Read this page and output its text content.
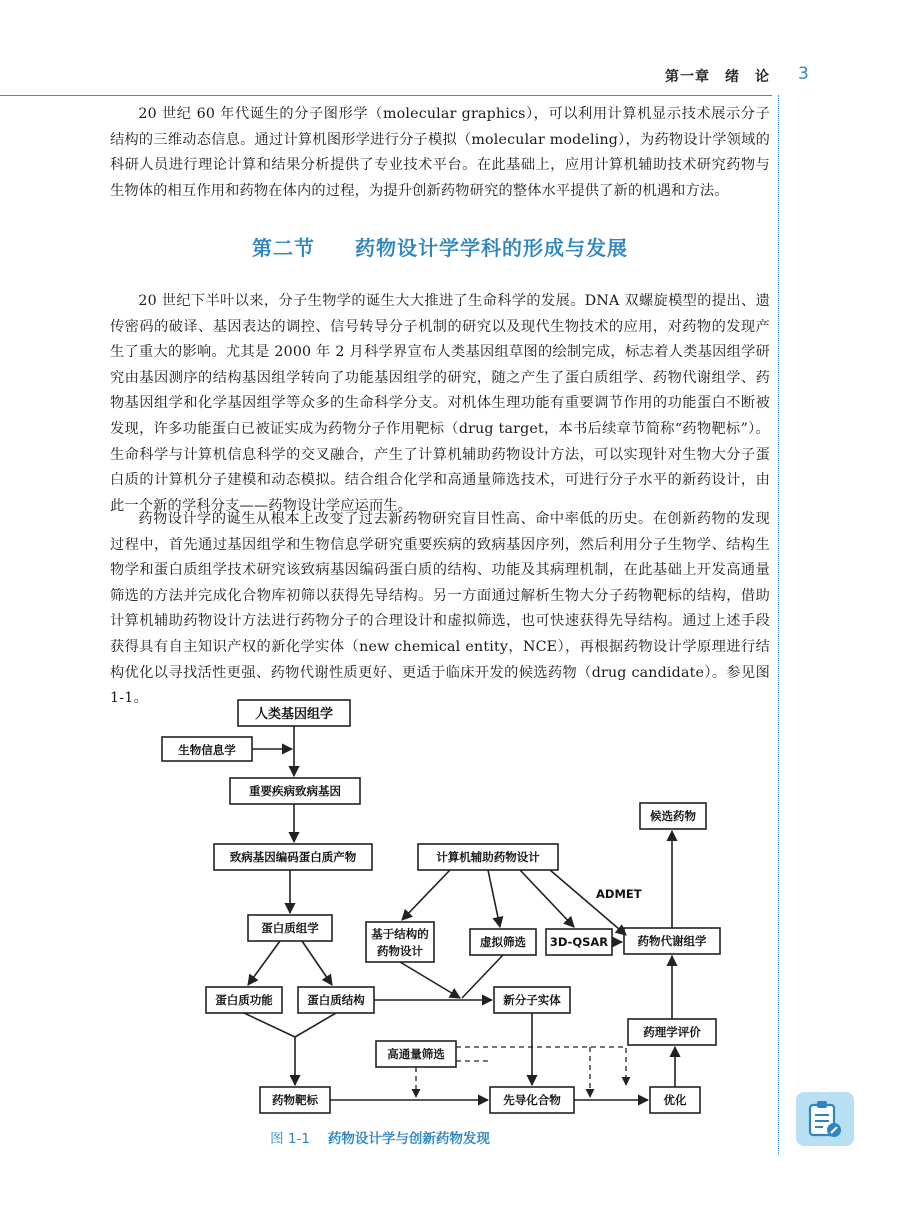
第一章　绪　论 3

20 世纪 60 年代诞生的分子图形学（molecular graphics），可以利用计算机显示技术展示分子结构的三维动态信息。通过计算机图形学进行分子模拟（molecular modeling），为药物设计学领域的科研人员进行理论计算和结果分析提供了专业技术平台。在此基础上，应用计算机辅助技术研究药物与生物体的相互作用和药物在体内的过程，为提升创新药物研究的整体水平提供了新的机遇和方法。

第二节 药物设计学学科的形成与发展

20 世纪下半叶以来，分子生物学的诞生大大推进了生命科学的发展。DNA 双螺旋模型的提出、遗传密码的破译、基因表达的调控、信号转导分子机制的研究以及现代生物技术的应用，对药物的发现产生了重大的影响。尤其是 2000 年 2 月科学界宣布人类基因组草图的绘制完成，标志着人类基因组学研究由基因测序的结构基因组学转向了功能基因组学的研究，随之产生了蛋白质组学、药物代谢组学、药物基因组学和化学基因组学等众多的生命科学分支。对机体生理功能有重要调节作用的功能蛋白不断被发现，许多功能蛋白已被证实成为药物分子作用靶标（drug target，本书后续章节简称“药物靶标”）。生命科学与计算机信息科学的交叉融合，产生了计算机辅助药物设计方法，可以实现针对生物大分子蛋白质的计算机分子建模和动态模拟。结合组合化学和高通量筛选技术，可进行分子水平的新药设计，由此一个新的学科分支——药物设计学应运而生。

药物设计学的诞生从根本上改变了过去新药物研究盲目性高、命中率低的历史。在创新药物的发现过程中，首先通过基因组学和生物信息学研究重要疾病的致病基因序列，然后利用分子生物学、结构生物学和蛋白质组学技术研究该致病基因编码蛋白质的结构、功能及其病理机制，在此基础上开发高通量筛选的方法并完成化合物库初筛以获得先导结构。另一方面通过解析生物大分子药物靶标的结构，借助计算机辅助药物设计方法进行药物分子的合理设计和虚拟筛选，也可快速获得先导结构。通过上述手段获得具有自主知识产权的新化学实体（new chemical entity，NCE），再根据药物设计学原理进行结构优化以寻找活性更强、药物代谢性质更好、更适于临床开发的候选药物（drug candidate）。参见图 1-1。

人类基因组学
生物信息学
重要疾病致病基因
致病基因编码蛋白质产物
蛋白质组学
蛋白质功能	蛋白质结构
药物靶标
计算机辅助药物设计
基于结构的
药物设计
虚拟筛选 3D-QSAR
新分子实体
高通量筛选
先导化合物	优化
药理学评价
药物代谢组学
候选药物
ADMET
图 1-1 药物设计学与创新药物发现
